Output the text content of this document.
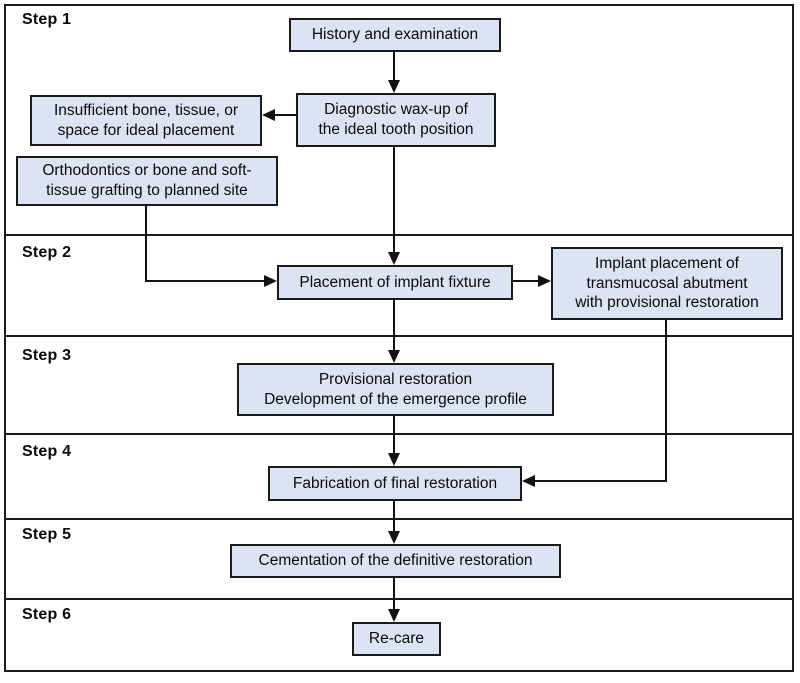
Step 1
Step 2
Step 3
Step 4
Step 5
Step 6
History and examination
Diagnostic wax-up of
the ideal tooth position
Insufficient bone, tissue, or
space for ideal placement
Orthodontics or bone and soft-
tissue grafting to planned site
Placement of implant fixture
Implant placement of
transmucosal abutment
with provisional restoration
Provisional restoration
Development of the emergence profile
Fabrication of final restoration
Cementation of the definitive restoration
Re-care
